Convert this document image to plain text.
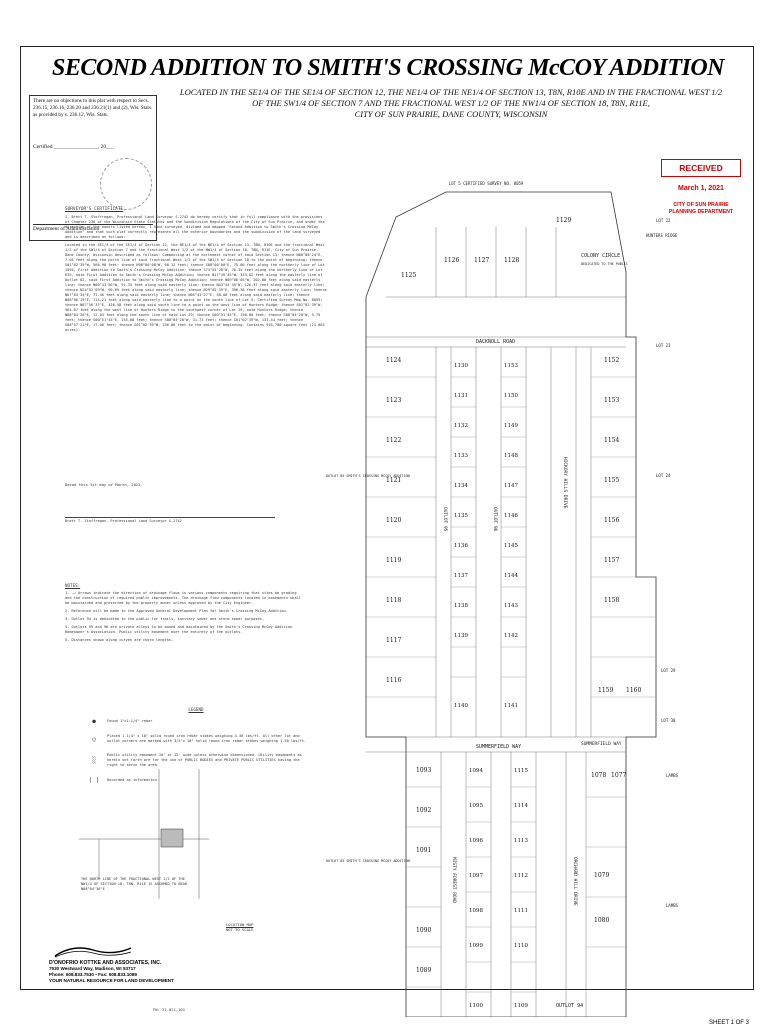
SECOND ADDITION TO SMITH'S CROSSING McCOY ADDITION
LOCATED IN THE SE1/4 OF THE SE1/4 OF SECTION 12, THE NE1/4 OF THE NE1/4 OF SECTION 13, T8N, R10E AND IN THE FRACTIONAL WEST 1/2
OF THE SW1/4 OF SECTION 7 AND THE FRACTIONAL WEST 1/2 OF THE NW1/4 OF SECTION 18, T8N, R11E,
CITY OF SUN PRAIRIE, DANE COUNTY, WISCONSIN

There are no objections to this plat with respect to Secs. 236.15, 236.16, 236.20 and 236.21(1) and (2), Wis. Stats. as provided by s. 236.12, Wis. Stats.

Certified ________________, 20___
Department of Administration
RECEIVED
March 1, 2021
CITY OF SUN PRAIRIE
PLANNING DEPARTMENT
SURVEYOR'S CERTIFICATE

I, Brett T. Stoffregan, Professional Land Surveyor S-2742 do hereby certify that in full compliance with the provisions of Chapter 236 of the Wisconsin State Statutes and the Subdivision Regulations of the City of Sun Prairie, and under the direction of the owners listed hereon, I have surveyed, divided and mapped "Second Addition to Smith's Crossing McCoy Addition" and that such plat correctly represents all the exterior boundaries and the subdivision of the land surveyed and is described as follows:

Located in the SE1/4 of the SE1/4 of Section 12, the NE1/4 of the NE1/4 of Section 13, T8N, R10E and the fractional West 1/2 of the SW1/4 of Section 7 and the fractional West 1/2 of the NW1/4 of Section 18, T8N, R11E, City of Sun Prairie, Dane County, Wisconsin described as follows: Commencing at the northeast corner of said Section 13; thence N00°08'24"E, 7.65 feet along the north line of said fractional West 1/2 of the SW1/4 of Section 18 to the point of beginning; thence S01°02'39"W, 566.98 feet; thence N90°00'00"W, 60.12 feet; thence S00°00'00"E, 75.00 feet along the northerly line of Lot 1094, First Addition to Smith's Crossing McCoy Addition; thence S74°55'28"W, 70.35 feet along the northerly line of Lot 635, said First Addition to Smith's Crossing McCoy Addition; thence N17°49'45"W, 333.02 feet along the easterly line of Outlot 82, said First Addition to Smith's Crossing McCoy Addition; thence N09°06'05"W, 202.80 feet along said easterly line; thence N00°43'56"W, 91.33 feet along said easterly line; thence N43°44'45"W, 126.57 feet along said easterly line; thence N24°52'09"W, 90.69 feet along said easterly line; thence N29°05'39"E, 396.38 feet along said easterly line; thence N07°04'34"E, 71.46 feet along said easterly line; thence N05°41'27"E, 50.00 feet along said easterly line; thence N88°06'19"E, 114.21 feet along said easterly line to a point on the south line of Lot 5, Certified Survey Map No. 8059; thence N87°56'37"E, 426.58 feet along said south line to a point on the west line of Hunters Ridge; thence S01°02'39"W, 564.87 feet along the west line of Hunters Ridge to the southwest corner of Lot 29, said Hunters Ridge; thence N88°04'20"E, 12.03 feet along the south line of said Lot 29; thence S00°51'45"E, 196.80 feet; thence S88°04'20"W, 5.75 feet; thence S00°51'45"E, 155.00 feet; thence S88°04'20"W, 31.73 feet; thence S01°02'39"W, 133.44 feet; thence S88°57'21"E, 17.00 feet; thence S01°02'39"W, 256.06 feet to the point of beginning. Contains 916,780 square feet (21.003 acres).

Dated this 1st day of March, 2021.
Brett T. Stoffregan, Professional Land Surveyor S-2742
NOTES:
1. —→ Arrows indicate the direction of drainage flows in various components requiring that sites be grading and the construction of required public improvements. The drainage flow components located in easements shall be maintained and preserved by the property owner unless approved by the City Engineer.
2. Reference will be made to the Approved General Development Plan for Smith's Crossing McCoy Addition.
3. Outlot 94 is dedicated to the public for trails, sanitary sewer and storm sewer purposes.
4. Outlots 95 and 96 are private alleys to be owned and maintained by the Smith's Crossing McCoy Addition Homeowner's Association. Public utility easement over the entirety of the outlots.
5. Distances shown along curves are chord lengths.
LEGEND
●	Found 1"x1-1/4" rebar
○	Placed 1-1/4" x 18" solid round iron rebar stakes weighing 4.30 lbs/ft. All other lot and outlot corners are marked with 3/4"x 18" solid round iron rebar stakes weighing 1.50 lbs/ft.
░
Public utility easement 10' or 12' wide unless otherwise dimensioned. Utility easements as herein set forth are for the use of PUBLIC BODIES and PRIVATE PUBLIC UTILITIES having the right to serve the area.
( )	Recorded as information
LOT 5 CERTIFIED SURVEY NO. 8059
LOT 22
HUNTERS RIDGE
LOT 23
LOT 24
LOT 29
LOT 30
COLONY CIRCLE
DEDICATED TO THE PUBLIC
DACKNOLL ROAD
SUMMERFIELD WAY	SUMMERFIELD WAY
OUTLOT 85 SMITH'S CROSSING MCCOY ADDITION
OUTLOT 85 SMITH'S CROSSING MCCOY ADDITION
OUTLOT 94
OUTLOT 95	OUTLOT 96
HICKORY HILLS DRIVE
MISTY FOREST ROAD	ORCHARD HILL DRIVE
LAMBS
LAMBS
1124
1123
1122
1121
1120
1119
1118
1117
1116
1130
1131
1132
1133
1134
1135
1136
1137
1138
1139
1140
1153
1150
1149
1148
1147
1146
1145
1144
1143
1142
1141
1152
1153
1154
1155
1156
1157
1158
1159 1160
1125
1126 1127 1128
1129
1093
1092
1091
1090
1089
1094
1095
1096
1097
1098
1099
1100
1115
1114
1113
1112
1111
1110
1109
1078 1077
1079
1080
THE NORTH LINE OF THE FRACTIONAL WEST 1/2 OF THE NW1/4 OF SECTION 18, T8N, R11E IS ASSUMED TO BEAR N88°04'36"E
LOCATION MAP
NOT TO SCALE
D'ONOFRIO KOTTKE AND ASSOCIATES, INC.
7530 Westward Way, Madison, WI 53717
Phone: 608.833.7530 • Fax: 608.833.1089
YOUR NATURAL RESOURCE FOR LAND DEVELOPMENT
FN: 21-021-101
SHEET 1 OF 3
